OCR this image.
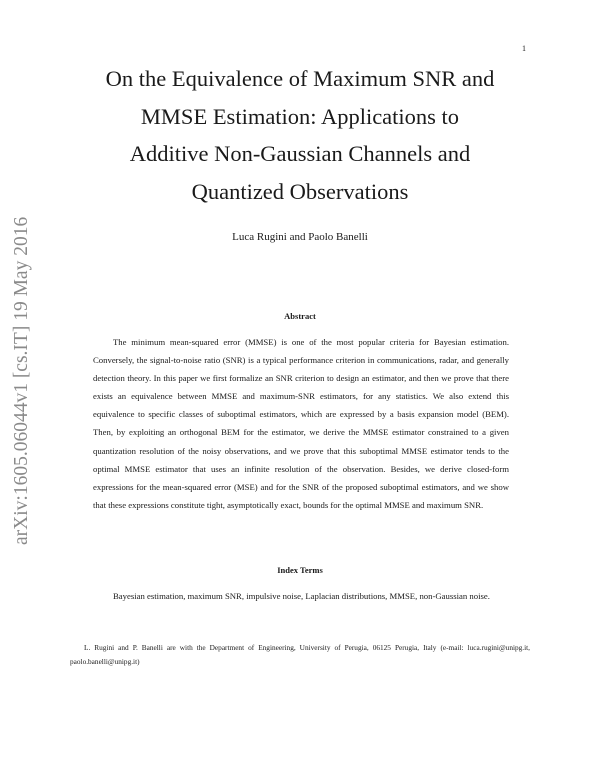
1
arXiv:1605.06044v1 [cs.IT] 19 May 2016
On the Equivalence of Maximum SNR and
MMSE Estimation: Applications to
Additive Non-Gaussian Channels and
Quantized Observations
Luca Rugini and Paolo Banelli
Abstract

The minimum mean-squared error (MMSE) is one of the most popular criteria for Bayesian estimation. Conversely, the signal-to-noise ratio (SNR) is a typical performance criterion in communications, radar, and generally detection theory. In this paper we first formalize an SNR criterion to design an estimator, and then we prove that there exists an equivalence between MMSE and maximum-SNR estimators, for any statistics. We also extend this equivalence to specific classes of suboptimal estimators, which are expressed by a basis expansion model (BEM). Then, by exploiting an orthogonal BEM for the estimator, we derive the MMSE estimator constrained to a given quantization resolution of the noisy observations, and we prove that this suboptimal MMSE estimator tends to the optimal MMSE estimator that uses an infinite resolution of the observation. Besides, we derive closed-form expressions for the mean-squared error (MSE) and for the SNR of the proposed suboptimal estimators, and we show that these expressions constitute tight, asymptotically exact, bounds for the optimal MMSE and maximum SNR.

Index Terms

Bayesian estimation, maximum SNR, impulsive noise, Laplacian distributions, MMSE, non-Gaussian noise.

L. Rugini and P. Banelli are with the Department of Engineering, University of Perugia, 06125 Perugia, Italy (e-mail: luca.rugini@unipg.it, paolo.banelli@unipg.it)
